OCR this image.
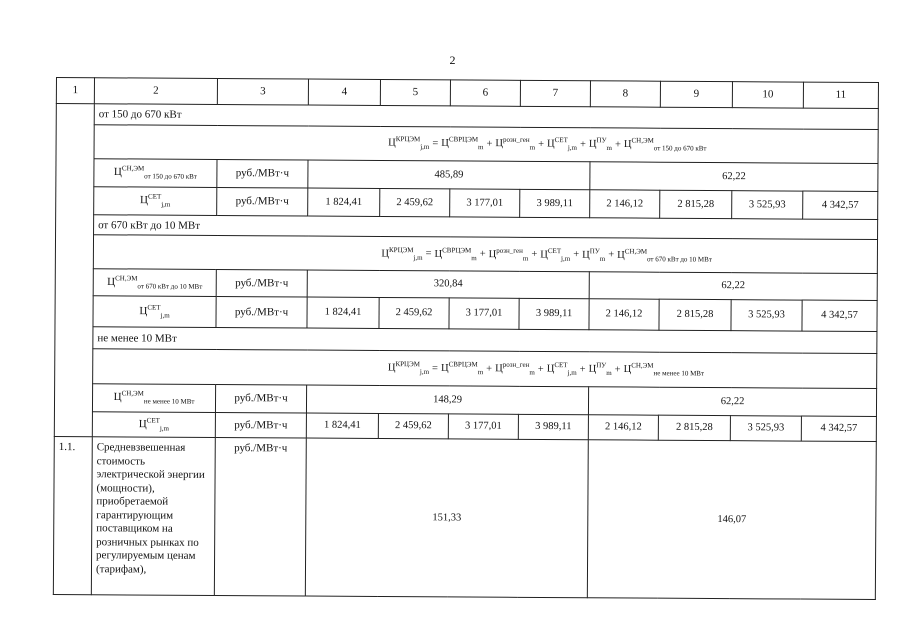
2
1	2	3	4	5	6	7	8	9	10	11
	от 150 до 670 кВт									
		$Ц^{КРЦЭМ}_{j,m} = Ц^{СВРЦЭМ}_m + Ц^{розн\_ген}_m + Ц^{СЕТ}_{j,m} + Ц^{ПУ}_m + Ц^{СН,ЭМ}_{от 150 до 670 кВт}$
	$Ц^{СН,ЭМ}_{от 150 до 670 кВт}$	руб./МВт·ч	485,89				62,22			
	$Ц^{СЕТ}_{j,m}$	руб./МВт·ч	1 824,41	2 459,62	3 177,01	3 989,11	2 146,12	2 815,28	3 525,93	4 342,57
	от 670 кВт до 10 МВт									
		$Ц^{КРЦЭМ}_{j,m} = Ц^{СВРЦЭМ}_m + Ц^{розн\_ген}_m + Ц^{СЕТ}_{j,m} + Ц^{ПУ}_m + Ц^{СН,ЭМ}_{от 670 кВт до 10 МВт}$
	$Ц^{СН,ЭМ}_{от 670 кВт до 10 МВт}$	руб./МВт·ч	320,84				62,22			
	$Ц^{СЕТ}_{j,m}$	руб./МВт·ч	1 824,41	2 459,62	3 177,01	3 989,11	2 146,12	2 815,28	3 525,93	4 342,57
	не менее 10 МВт									
		$Ц^{КРЦЭМ}_{j,m} = Ц^{СВРЦЭМ}_m + Ц^{розн\_ген}_m + Ц^{СЕТ}_{j,m} + Ц^{ПУ}_m + Ц^{СН,ЭМ}_{не менее 10 МВт}$
	$Ц^{СН,ЭМ}_{не менее 10 МВт}$	руб./МВт·ч	148,29				62,22			
	$Ц^{СЕТ}_{j,m}$	руб./МВт·ч	1 824,41	2 459,62	3 177,01	3 989,11	2 146,12	2 815,28	3 525,93	4 342,57
1.1.	Средневзвешенная стоимость электрической энергии (мощности), приобретаемой гарантирующим поставщиком на розничных рынках по регулируемым ценам (тарифам),	руб./МВт·ч	151,33				146,07			
